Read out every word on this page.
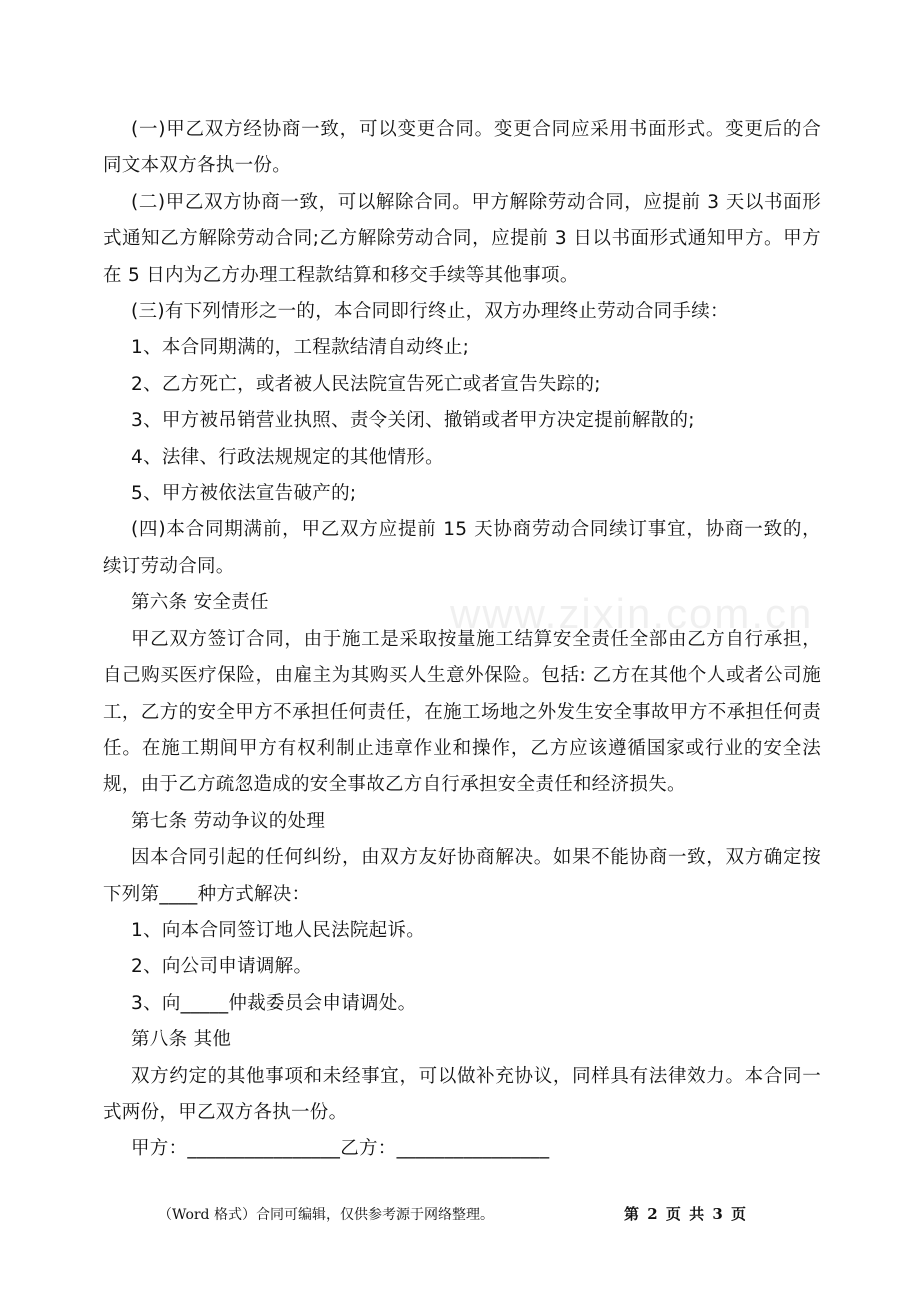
www.zixin.com.cn

(一)甲乙双方经协商一致，可以变更合同。变更合同应采用书面形式。变更后的合同文本双方各执一份。

(二)甲乙双方协商一致，可以解除合同。甲方解除劳动合同，应提前 3 天以书面形式通知乙方解除劳动合同;乙方解除劳动合同，应提前 3 日以书面形式通知甲方。甲方在 5 日内为乙方办理工程款结算和移交手续等其他事项。

(三)有下列情形之一的，本合同即行终止，双方办理终止劳动合同手续：

1、本合同期满的，工程款结清自动终止;

2、乙方死亡，或者被人民法院宣告死亡或者宣告失踪的;

3、甲方被吊销营业执照、责令关闭、撤销或者甲方决定提前解散的;

4、法律、行政法规规定的其他情形。

5、甲方被依法宣告破产的;

(四)本合同期满前，甲乙双方应提前 15 天协商劳动合同续订事宜，协商一致的，续订劳动合同。

第六条 安全责任

甲乙双方签订合同，由于施工是采取按量施工结算安全责任全部由乙方自行承担，自己购买医疗保险，由雇主为其购买人生意外保险。包括: 乙方在其他个人或者公司施工，乙方的安全甲方不承担任何责任，在施工场地之外发生安全事故甲方不承担任何责任。在施工期间甲方有权利制止违章作业和操作，乙方应该遵循国家或行业的安全法规，由于乙方疏忽造成的安全事故乙方自行承担安全责任和经济损失。

第七条 劳动争议的处理

因本合同引起的任何纠纷，由双方友好协商解决。如果不能协商一致，双方确定按下列第____种方式解决：

1、向本合同签订地人民法院起诉。

2、向公司申请调解。

3、向_____仲裁委员会申请调处。

第八条 其他

双方约定的其他事项和未经事宜，可以做补充协议，同样具有法律效力。本合同一式两份，甲乙双方各执一份。

甲方：________________乙方：________________

（Word 格式）合同可编辑，仅供参考源于网络整理。	第 2 页 共 3 页
